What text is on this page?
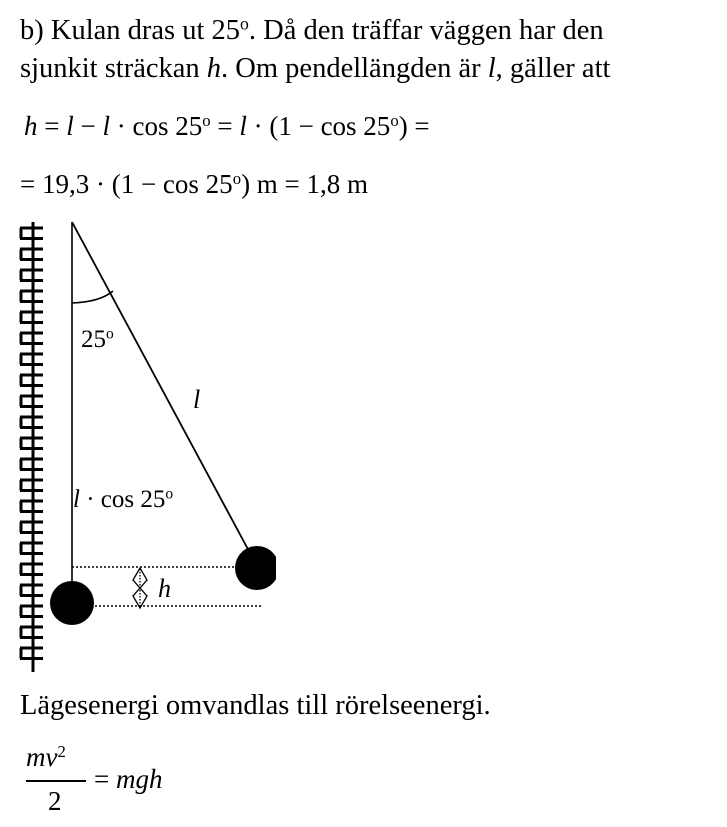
b) Kulan dras ut 25$^o$. Då den träffar väggen har den
sjunkit sträckan h. Om pendellängden är l, gäller att
$h = l - l \cdot \cos 25^o = l \cdot (1 - \cos 25^o)$ =
= 19,3 · (1 − cos 25$^o$) m = 1,8 m
25$^o$
l
l · cos 25$^o$
h
Lägesenergi omvandlas till rörelseenergi.
$mv^2$
2
= mgh
